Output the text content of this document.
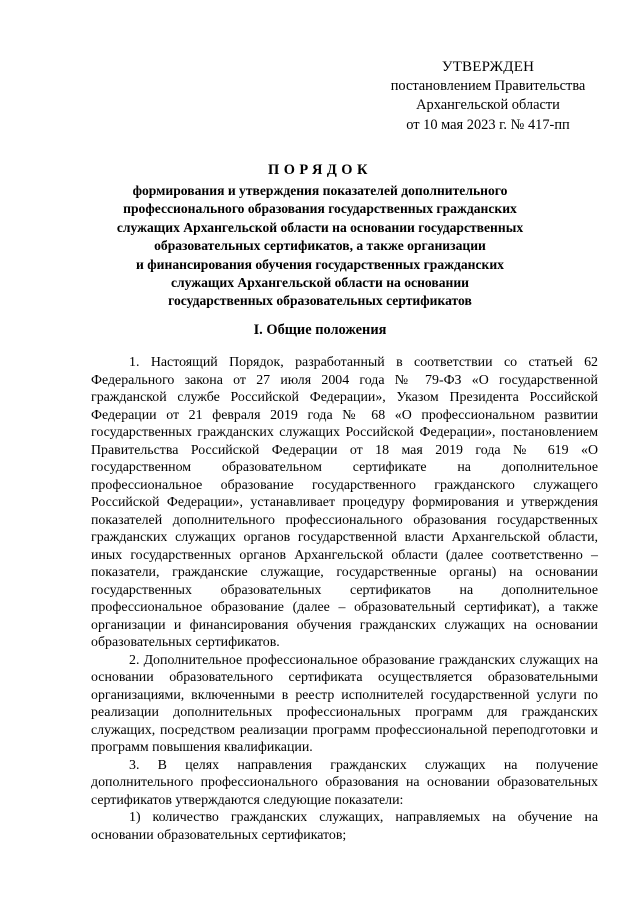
УТВЕРЖДЕН
постановлением Правительства
Архангельской области
от 10 мая 2023 г. № 417-пп
ПОРЯДОК
формирования и утверждения показателей дополнительного
профессионального образования государственных гражданских
служащих Архангельской области на основании государственных
образовательных сертификатов, а также организации
и финансирования обучения государственных гражданских
служащих Архангельской области на основании
государственных образовательных сертификатов
I. Общие положения

1. Настоящий Порядок, разработанный в соответствии со статьей 62 Федерального закона от 27 июля 2004 года № 79-ФЗ «О государственной гражданской службе Российской Федерации», Указом Президента Российской Федерации от 21 февраля 2019 года № 68 «О профессиональном развитии государственных гражданских служащих Российской Федерации», постановлением Правительства Российской Федерации от 18 мая 2019 года № 619 «О государственном образовательном сертификате на дополнительное профессиональное образование государственного гражданского служащего Российской Федерации», устанавливает процедуру формирования и утверждения показателей дополнительного профессионального образования государственных гражданских служащих органов государственной власти Архангельской области, иных государственных органов Архангельской области (далее соответственно – показатели, гражданские служащие, государственные органы) на основании государственных образовательных сертификатов на дополнительное профессиональное образование (далее – образовательный сертификат), а также организации и финансирования обучения гражданских служащих на основании образовательных сертификатов.

2. Дополнительное профессиональное образование гражданских служащих на основании образовательного сертификата осуществляется образовательными организациями, включенными в реестр исполнителей государственной услуги по реализации дополнительных профессиональных программ для гражданских служащих, посредством реализации программ профессиональной переподготовки и программ повышения квалификации.

3. В целях направления гражданских служащих на получение дополнительного профессионального образования на основании образовательных сертификатов утверждаются следующие показатели:

1) количество гражданских служащих, направляемых на обучение на основании образовательных сертификатов;
